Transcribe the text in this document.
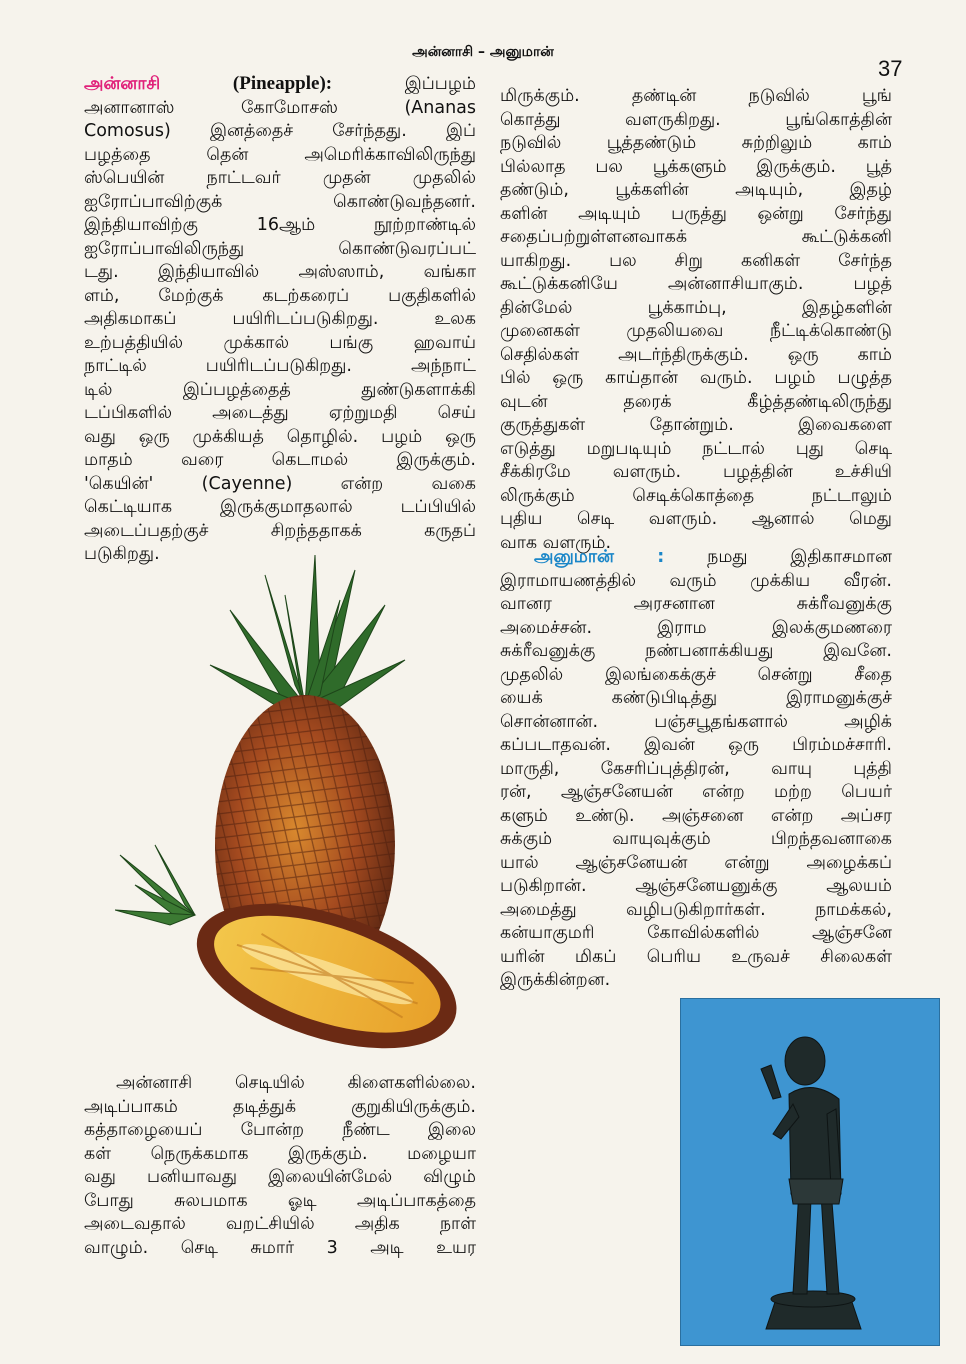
அன்னாசி – அனுமான்
37
அன்னாசி	(Pineapple):	இப்பழம்
அனானாஸ் கோமோசஸ் (Ananas
Comosus) இனத்தைச் சேர்ந்தது. இப்
பழத்தை தென் அமெரிக்காவிலிருந்து
ஸ்பெயின் நாட்டவர் முதன் முதலில்
ஐரோப்பாவிற்குக் கொண்டுவந்தனர்.
இந்தியாவிற்கு 16ஆம் நூற்றாண்டில்
ஐரோப்பாவிலிருந்து கொண்டுவரப்பட்
டது. இந்தியாவில் அஸ்ஸாம், வங்கா
ளம், மேற்குக் கடற்கரைப் பகுதிகளில்
அதிகமாகப் பயிரிடப்படுகிறது. உலக
உற்பத்தியில் முக்கால் பங்கு ஹவாய்
நாட்டில் பயிரிடப்படுகிறது. அந்நாட்
டில் இப்பழத்தைத் துண்டுகளாக்கி
டப்பிகளில் அடைத்து ஏற்றுமதி செய்
வது ஒரு முக்கியத் தொழில். பழம் ஒரு
மாதம் வரை கெடாமல் இருக்கும்.
'கெயின்' (Cayenne) என்ற வகை
கெட்டியாக இருக்குமாதலால் டப்பியில்
அடைப்பதற்குச் சிறந்ததாகக் கருதப்
படுகிறது.
அன்னாசி செடியில் கிளைகளில்லை.
அடிப்பாகம் தடித்துக் குறுகியிருக்கும்.
கத்தாழையைப் போன்ற நீண்ட இலை
கள் நெருக்கமாக இருக்கும். மழையா
வது பனியாவது இலையின்மேல் விழும்
போது சுலபமாக ஓடி அடிப்பாகத்தை
அடைவதால் வறட்சியில் அதிக நாள்
வாழும். செடி சுமார் 3 அடி உயர
மிருக்கும். தண்டின் நடுவில் பூங்
கொத்து வளருகிறது. பூங்கொத்தின்
நடுவில் பூத்தண்டும் சுற்றிலும் காம்
பில்லாத பல பூக்களும் இருக்கும். பூத்
தண்டும், பூக்களின் அடியும், இதழ்
களின் அடியும் பருத்து ஒன்று சேர்ந்து
சதைப்பற்றுள்ளனவாகக் கூட்டுக்கனி
யாகிறது. பல சிறு கனிகள் சேர்ந்த
கூட்டுக்கனியே அன்னாசியாகும். பழத்
தின்மேல் பூக்காம்பு, இதழ்களின்
முனைகள் முதலியவை நீட்டிக்கொண்டு
செதில்கள் அடர்ந்திருக்கும். ஒரு காம்
பில் ஒரு காய்தான் வரும். பழம் பழுத்த
வுடன் தரைக் கீழ்த்தண்டிலிருந்து
குருத்துகள் தோன்றும். இவைகளை
எடுத்து மறுபடியும் நட்டால் புது செடி
சீக்கிரமே வளரும். பழத்தின் உச்சியி
லிருக்கும் செடிக்கொத்தை நட்டாலும்
புதிய செடி வளரும். ஆனால் மெது
வாக வளரும்.
அனுமான் : நமது இதிகாசமான
இராமாயணத்தில் வரும் முக்கிய வீரன்.
வானர அரசனான சுக்ரீவனுக்கு
அமைச்சன். இராம இலக்குமணரை
சுக்ரீவனுக்கு நண்பனாக்கியது இவனே.
முதலில் இலங்கைக்குச் சென்று சீதை
யைக் கண்டுபிடித்து இராமனுக்குச்
சொன்னான். பஞ்சபூதங்களால் அழிக்
கப்படாதவன். இவன் ஒரு பிரம்மச்சாரி.
மாருதி, கேசரிப்புத்திரன், வாயு புத்தி
ரன், ஆஞ்சனேயன் என்ற மற்ற பெயர்
களும் உண்டு. அஞ்சனை என்ற அப்சர
சுக்கும் வாயுவுக்கும் பிறந்தவனாகை
யால் ஆஞ்சனேயன் என்று அழைக்கப்
படுகிறான். ஆஞ்சனேயனுக்கு ஆலயம்
அமைத்து வழிபடுகிறார்கள். நாமக்கல்,
கன்யாகுமரி கோவில்களில் ஆஞ்சனே
யரின் மிகப் பெரிய உருவச் சிலைகள்
இருக்கின்றன.
